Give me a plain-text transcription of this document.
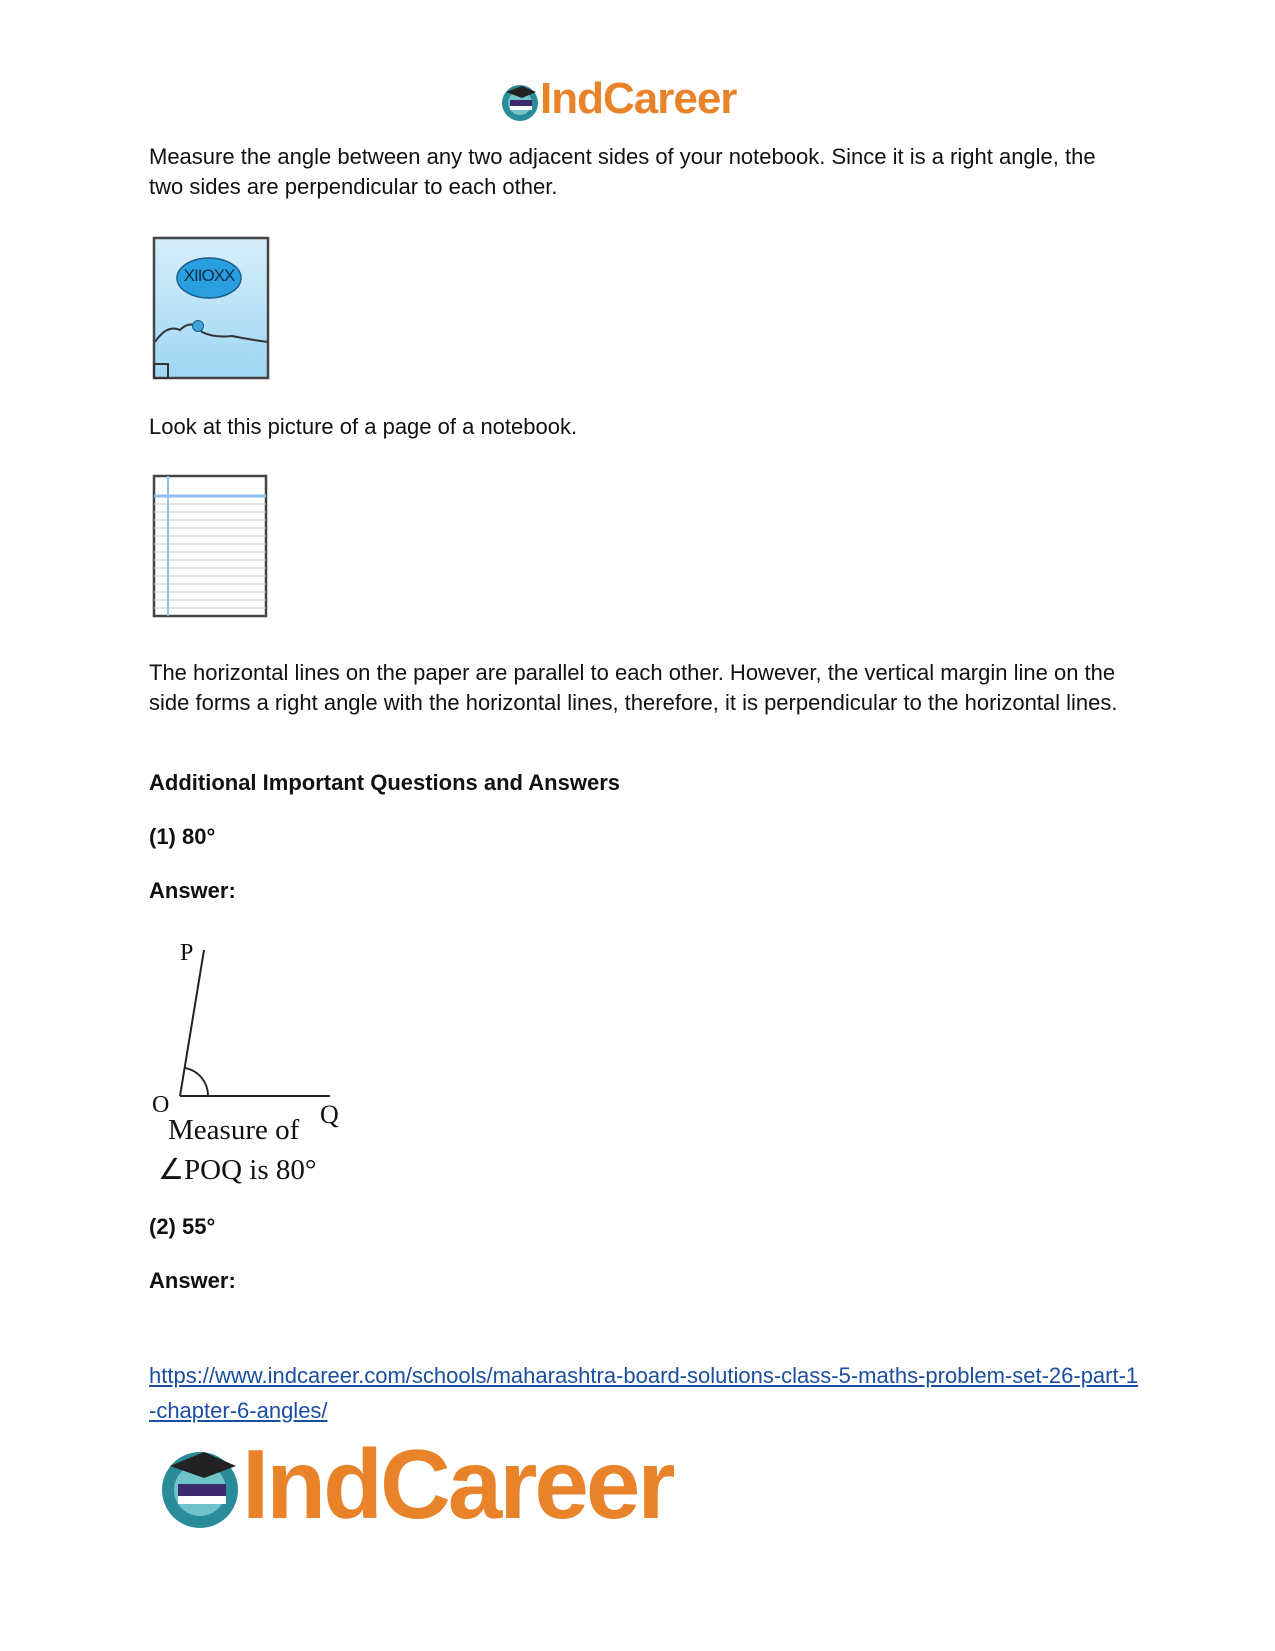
IndCareer
Measure the angle between any two adjacent sides of your notebook. Since it is a right angle, the two sides are perpendicular to each other.
XIIOXX
Look at this picture of a page of a notebook.
The horizontal lines on the paper are parallel to each other. However, the vertical margin line on the side forms a right angle with the horizontal lines, therefore, it is perpendicular to the horizontal lines.
Additional Important Questions and Answers
(1) 80°
Answer:
P
O	Q
Measure of
∠POQ is 80°
(2) 55°
Answer:
https://www.indcareer.com/schools/maharashtra-board-solutions-class-5-maths-problem-set-26-part-1-chapter-6-angles/
IndCareer
